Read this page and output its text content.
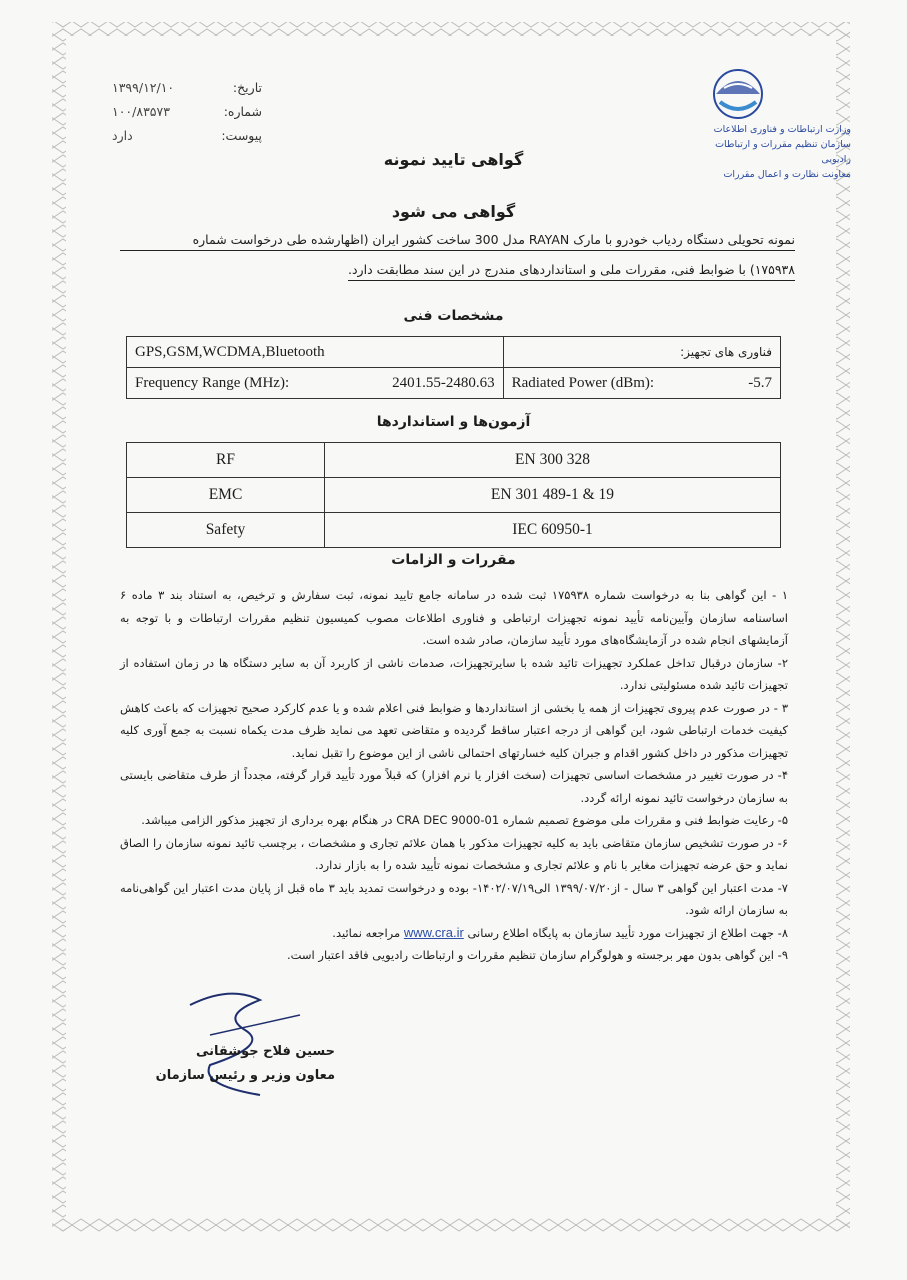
تاریخ:
۱۳۹۹/۱۲/۱۰
شماره:
۱۰۰/۸۳۵۷۳
پیوست:
دارد	وزارت ارتباطات و فناوری اطلاعات
سازمان تنظیم مقررات و ارتباطات رادیویی
معاونت نظارت و اعمال مقررات
گواهی تایید نمونه
گواهی می شود
نمونه تحویلی دستگاه ردیاب خودرو با مارک RAYAN مدل 300 ساخت کشور ایران (اظهارشده طی درخواست شماره
۱۷۵۹۳۸) با ضوابط فنی، مقررات ملی و استانداردهای مندرج در این سند مطابقت دارد.
مشخصات فنی
GPS,GSM,WCDMA,Bluetooth		فناوری های تجهیز:	
Frequency Range (MHz):	2401.55-2480.63	Radiated Power (dBm):	-5.7
آزمون‌ها و استانداردها
RF	EN 300 328
EMC	EN 301 489-1 & 19
Safety	IEC 60950-1
مقررات و الزامات

۱ - این گواهی بنا به درخواست شماره ۱۷۵۹۳۸ ثبت شده در سامانه جامع تایید نمونه، ثبت سفارش و ترخیص، به استناد بند ۳ ماده ۶ اساسنامه سازمان وآیین‌نامه تأیید نمونه تجهیزات ارتباطی و فناوری اطلاعات مصوب کمیسیون تنظیم مقررات ارتباطات و با توجه به آزمایشهای انجام شده در آزمایشگاه‌های مورد تأیید سازمان، صادر شده است.

۲- سازمان درقبال تداخل عملکرد تجهیزات تائید شده با سایرتجهیزات، صدمات ناشی از کاربرد آن به سایر دستگاه ها در زمان استفاده از تجهیزات تائید شده مسئولیتی ندارد.

۳ - در صورت عدم پیروی تجهیزات از همه یا بخشی از استانداردها و ضوابط فنی اعلام شده و یا عدم کارکرد صحیح تجهیزات که باعث کاهش کیفیت خدمات ارتباطی شود، این گواهی از درجه اعتبار ساقط گردیده و متقاضی تعهد می نماید ظرف مدت یکماه نسبت به جمع آوری کلیه تجهیزات مذکور در داخل کشور اقدام و جبران کلیه خسارتهای احتمالی ناشی از این موضوع را تقبل نماید.

۴- در صورت تغییر در مشخصات اساسی تجهیزات (سخت افزار یا نرم افزار) که قبلاً مورد تأیید قرار گرفته، مجدداً از طرف متقاضی بایستی به سازمان درخواست تائید نمونه ارائه گردد.

۵- رعایت ضوابط فنی و مقررات ملی موضوع تصمیم شماره CRA DEC 9000-01 در هنگام بهره برداری از تجهیز مذکور الزامی میباشد.

۶- در صورت تشخیص سازمان متقاضی باید به کلیه تجهیزات مذکور با همان علائم تجاری و مشخصات ، برچسب تائید نمونه سازمان را الصاق نماید و حق عرضه تجهیزات مغایر با نام و علائم تجاری و مشخصات نمونه تأیید شده را به بازار ندارد.

۷- مدت اعتبار این گواهی ۳ سال - از۱۳۹۹/۰۷/۲۰ الی۱۴۰۲/۰۷/۱۹- بوده و درخواست تمدید باید ۳ ماه قبل از پایان مدت اعتبار این گواهی‌نامه به سازمان ارائه شود.

۸- جهت اطلاع از تجهیزات مورد تأیید سازمان به پایگاه اطلاع رسانی www.cra.ir مراجعه نمائید.

۹- این گواهی بدون مهر برجسته و هولوگرام سازمان تنظیم مقررات و ارتباطات رادیویی فاقد اعتبار است.

حسین فلاح جوشقانی
معاون وزیر و رئیس سازمان
